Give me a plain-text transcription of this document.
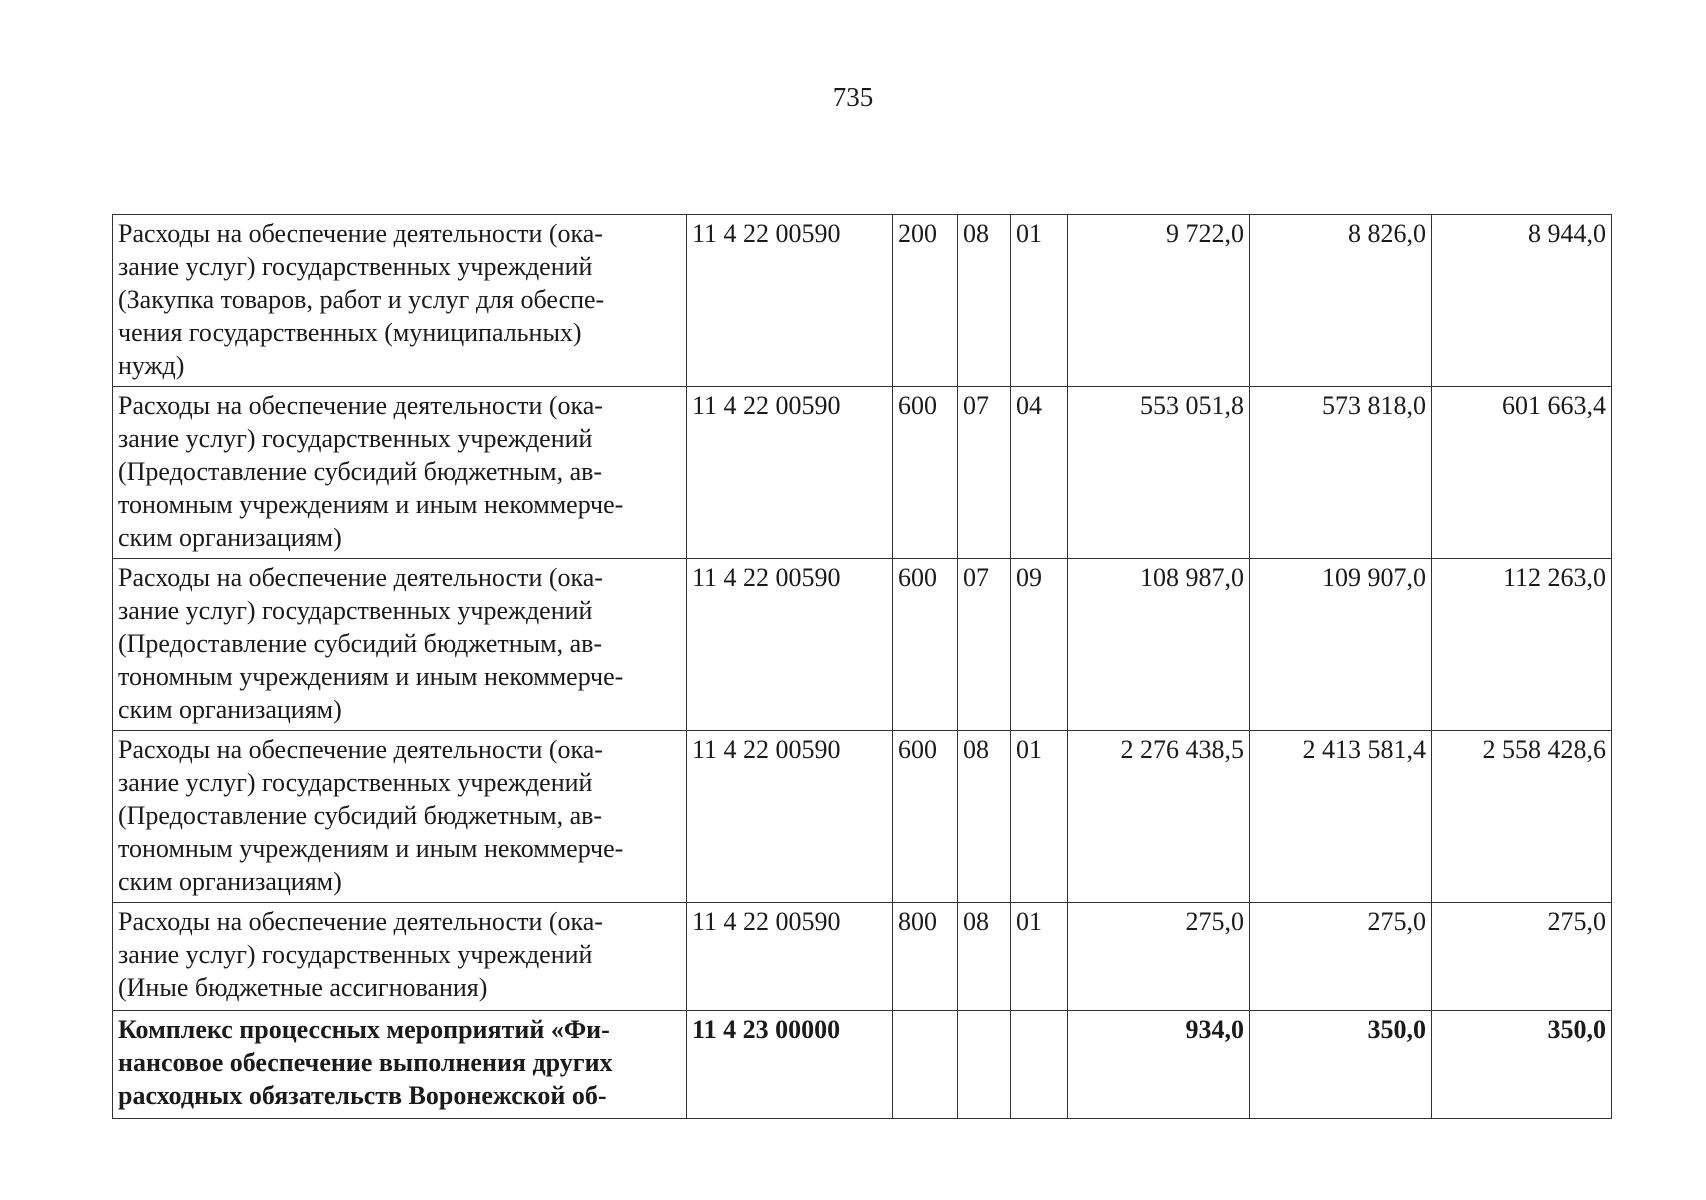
735
Расходы на обеспечение деятельности (ока-
зание услуг) государственных учреждений
(Закупка товаров, работ и услуг для обеспе-
чения государственных (муниципальных)
нужд)	11 4 22 00590	200	08	01	9 722,0	8 826,0	8 944,0
Расходы на обеспечение деятельности (ока-
зание услуг) государственных учреждений
(Предоставление субсидий бюджетным, ав-
тономным учреждениям и иным некоммерче-
ским организациям)	11 4 22 00590	600	07	04	553 051,8	573 818,0	601 663,4
Расходы на обеспечение деятельности (ока-
зание услуг) государственных учреждений
(Предоставление субсидий бюджетным, ав-
тономным учреждениям и иным некоммерче-
ским организациям)	11 4 22 00590	600	07	09	108 987,0	109 907,0	112 263,0
Расходы на обеспечение деятельности (ока-
зание услуг) государственных учреждений
(Предоставление субсидий бюджетным, ав-
тономным учреждениям и иным некоммерче-
ским организациям)	11 4 22 00590	600	08	01	2 276 438,5	2 413 581,4	2 558 428,6
Расходы на обеспечение деятельности (ока-
зание услуг) государственных учреждений
(Иные бюджетные ассигнования)	11 4 22 00590	800	08	01	275,0	275,0	275,0
Комплекс процессных мероприятий «Фи-
нансовое обеспечение выполнения других
расходных обязательств Воронежской об-	11 4 23 00000				934,0	350,0	350,0
